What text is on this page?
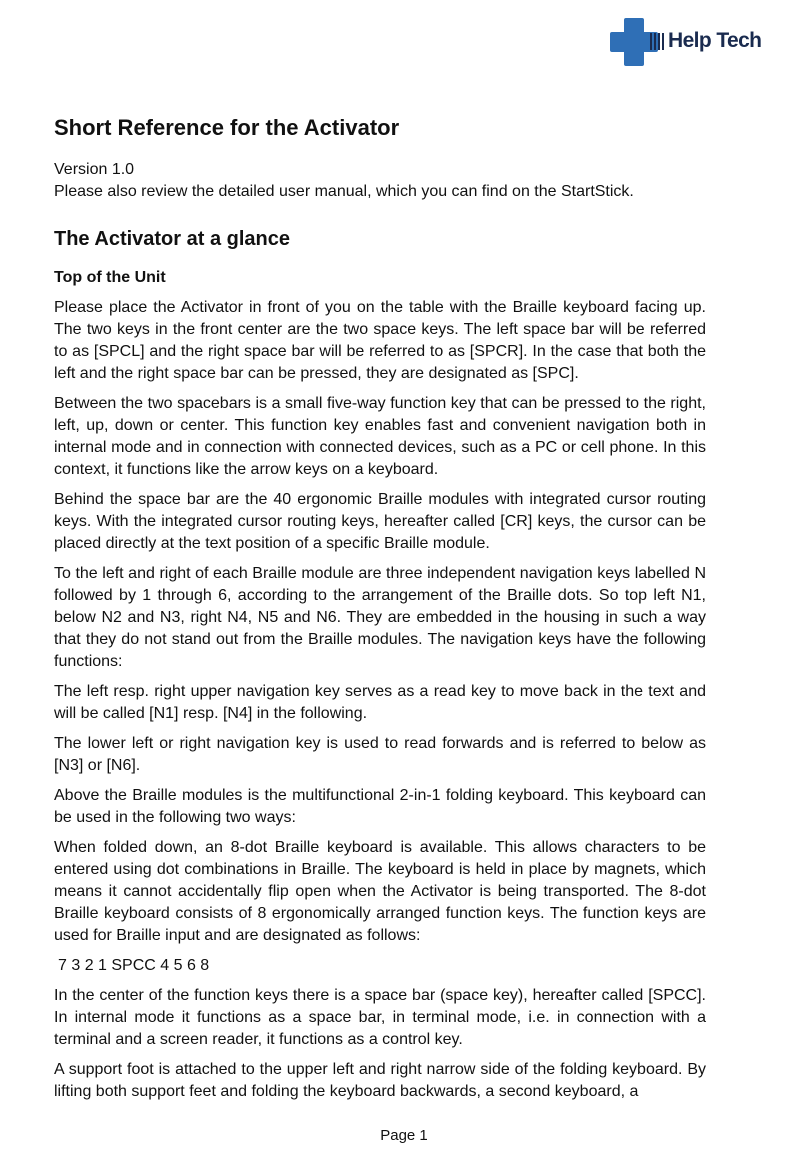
Help Tech
Short Reference for the Activator
Version 1.0
Please also review the detailed user manual, which you can find on the StartStick.
The Activator at a glance
Top of the Unit

Please place the Activator in front of you on the table with the Braille keyboard facing up. The two keys in the front center are the two space keys. The left space bar will be referred to as [SPCL] and the right space bar will be referred to as [SPCR]. In the case that both the left and the right space bar can be pressed, they are designated as [SPC].

Between the two spacebars is a small five-way function key that can be pressed to the right, left, up, down or center. This function key enables fast and convenient navigation both in internal mode and in connection with connected devices, such as a PC or cell phone. In this context, it functions like the arrow keys on a keyboard.

Behind the space bar are the 40 ergonomic Braille modules with integrated cursor routing keys. With the integrated cursor routing keys, hereafter called [CR] keys, the cursor can be placed directly at the text position of a specific Braille module.

To the left and right of each Braille module are three independent navigation keys labelled N followed by 1 through 6, according to the arrangement of the Braille dots. So top left N1, below N2 and N3, right N4, N5 and N6. They are embedded in the housing in such a way that they do not stand out from the Braille modules. The navigation keys have the following functions:

The left resp. right upper navigation key serves as a read key to move back in the text and will be called [N1] resp. [N4] in the following.

The lower left or right navigation key is used to read forwards and is referred to below as [N3] or [N6].

Above the Braille modules is the multifunctional 2-in-1 folding keyboard. This keyboard can be used in the following two ways:

When folded down, an 8-dot Braille keyboard is available. This allows characters to be entered using dot combinations in Braille. The keyboard is held in place by magnets, which means it cannot accidentally flip open when the Activator is being transported. The 8-dot Braille keyboard consists of 8 ergonomically arranged function keys. The function keys are used for Braille input and are designated as follows:

7 3 2 1 SPCC 4 5 6 8

In the center of the function keys there is a space bar (space key), hereafter called [SPCC]. In internal mode it functions as a space bar, in terminal mode, i.e. in connection with a terminal and a screen reader, it functions as a control key.

A support foot is attached to the upper left and right narrow side of the folding keyboard. By lifting both support feet and folding the keyboard backwards, a second keyboard, a

Page 1
